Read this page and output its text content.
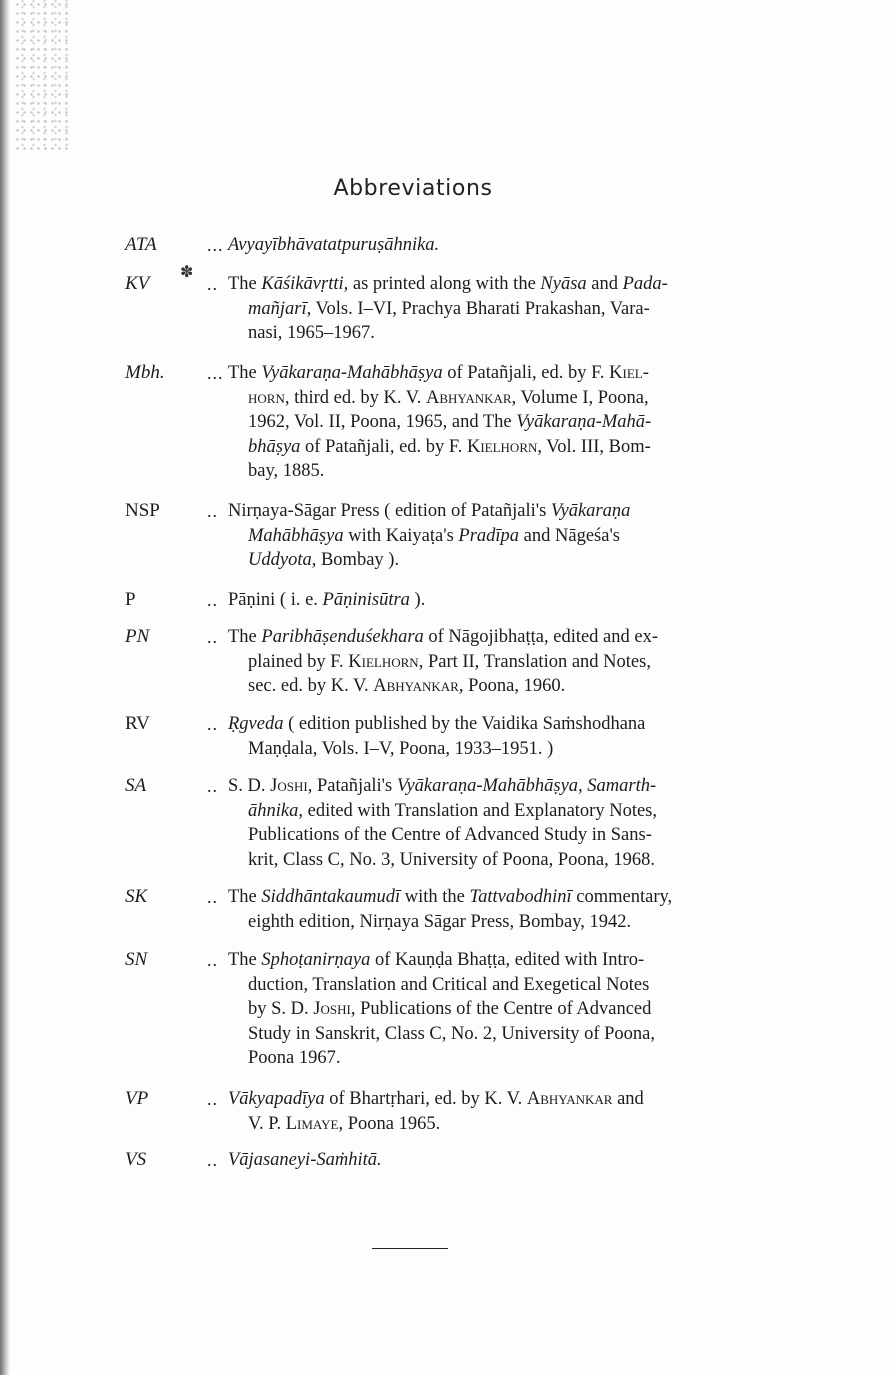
Abbreviations
✽
ATA	... Avyayībhāvatatpuruṣāhnika.
KV	.. The Kāśikāvṛtti, as printed along with the Nyāsa and Pada-
mañjarī, Vols. I–VI, Prachya Bharati Prakashan, Vara-
nasi, 1965–1967.
Mbh. ... The Vyākaraṇa-Mahābhāṣya of Patañjali, ed. by F. Kiel-
horn, third ed. by K. V. Abhyankar, Volume I, Poona,
1962, Vol. II, Poona, 1965, and The Vyākaraṇa-Mahā-
bhāṣya of Patañjali, ed. by F. Kielhorn, Vol. III, Bom-
bay, 1885.
NSP	.. Nirṇaya-Sāgar Press ( edition of Patañjali's Vyākaraṇa
Mahābhāṣya with Kaiyaṭa's Pradīpa and Nāgeśa's
Uddyota, Bombay ).
P	.. Pāṇini ( i. e. Pāṇinisūtra ).
PN	.. The Paribhāṣenduśekhara of Nāgojibhaṭṭa, edited and ex-
plained by F. Kielhorn, Part II, Translation and Notes,
sec. ed. by K. V. Abhyankar, Poona, 1960.
RV	.. Ṛgveda ( edition published by the Vaidika Saṁshodhana
Maṇḍala, Vols. I–V, Poona, 1933–1951. )
SA	.. S. D. Joshi, Patañjali's Vyākaraṇa-Mahābhāṣya, Samarth-
āhnika, edited with Translation and Explanatory Notes,
Publications of the Centre of Advanced Study in Sans-
krit, Class C, No. 3, University of Poona, Poona, 1968.
SK	.. The Siddhāntakaumudī with the Tattvabodhinī commentary,
eighth edition, Nirṇaya Sāgar Press, Bombay, 1942.
SN	.. The Sphoṭanirṇaya of Kauṇḍa Bhaṭṭa, edited with Intro-
duction, Translation and Critical and Exegetical Notes
by S. D. Joshi, Publications of the Centre of Advanced
Study in Sanskrit, Class C, No. 2, University of Poona,
Poona 1967.
VP	.. Vākyapadīya of Bhartṛhari, ed. by K. V. Abhyankar and
V. P. Limaye, Poona 1965.
VS	.. Vājasaneyi-Saṁhitā.
